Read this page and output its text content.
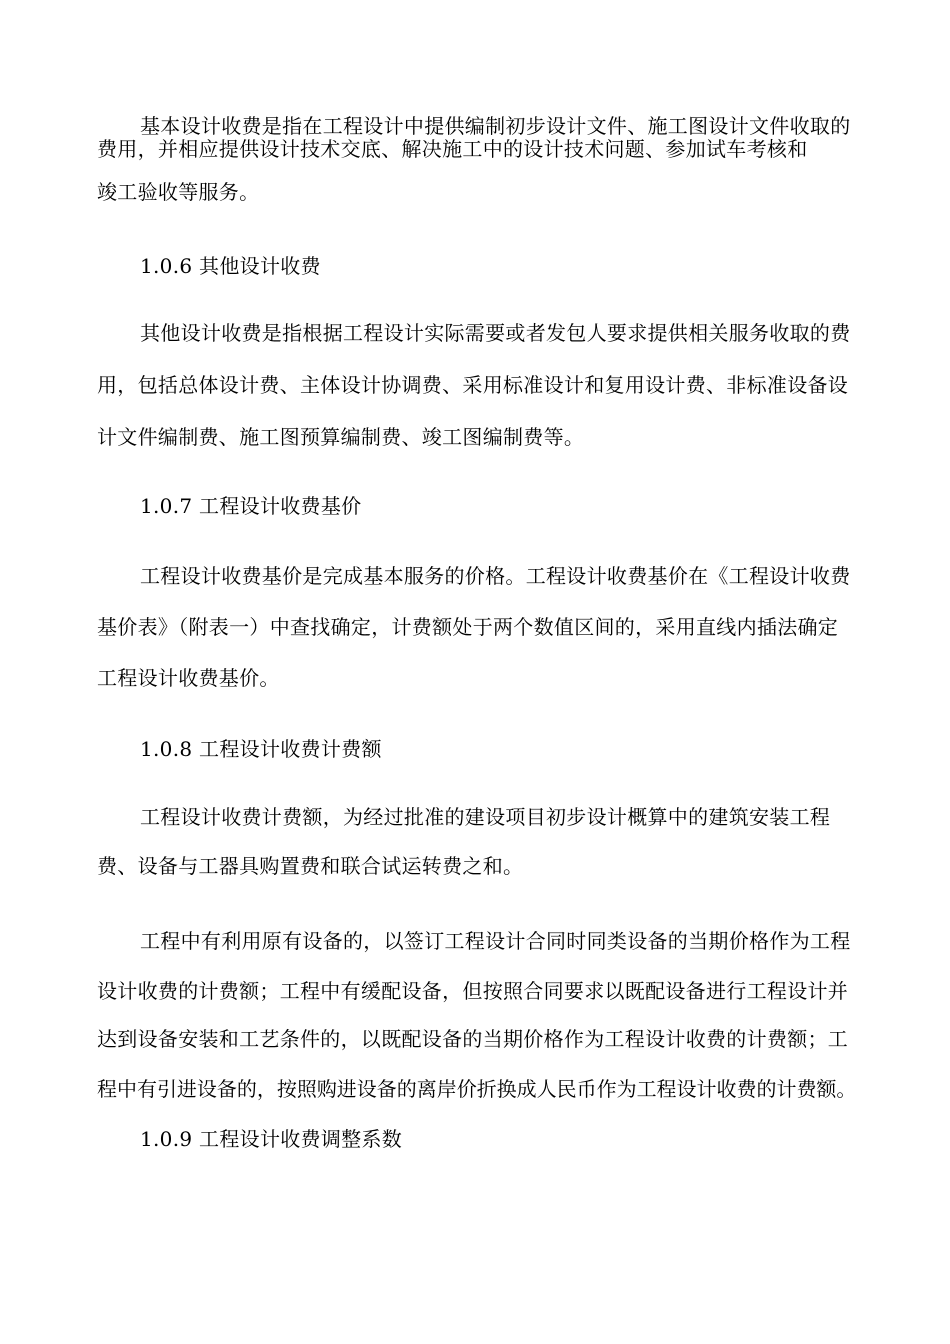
基本设计收费是指在工程设计中提供编制初步设计文件、施工图设计文件收取的
费用，并相应提供设计技术交底、解决施工中的设计技术问题、参加试车考核和
竣工验收等服务。
1.0.6 其他设计收费
其他设计收费是指根据工程设计实际需要或者发包人要求提供相关服务收取的费
用，包括总体设计费、主体设计协调费、采用标准设计和复用设计费、非标准设备设
计文件编制费、施工图预算编制费、竣工图编制费等。
1.0.7 工程设计收费基价
工程设计收费基价是完成基本服务的价格。工程设计收费基价在《工程设计收费
基价表》（附表一）中查找确定，计费额处于两个数值区间的，采用直线内插法确定
工程设计收费基价。
1.0.8 工程设计收费计费额
工程设计收费计费额，为经过批准的建设项目初步设计概算中的建筑安装工程
费、设备与工器具购置费和联合试运转费之和。
工程中有利用原有设备的，以签订工程设计合同时同类设备的当期价格作为工程
设计收费的计费额；工程中有缓配设备，但按照合同要求以既配设备进行工程设计并
达到设备安装和工艺条件的，以既配设备的当期价格作为工程设计收费的计费额；工
程中有引进设备的，按照购进设备的离岸价折换成人民币作为工程设计收费的计费额。
1.0.9 工程设计收费调整系数
